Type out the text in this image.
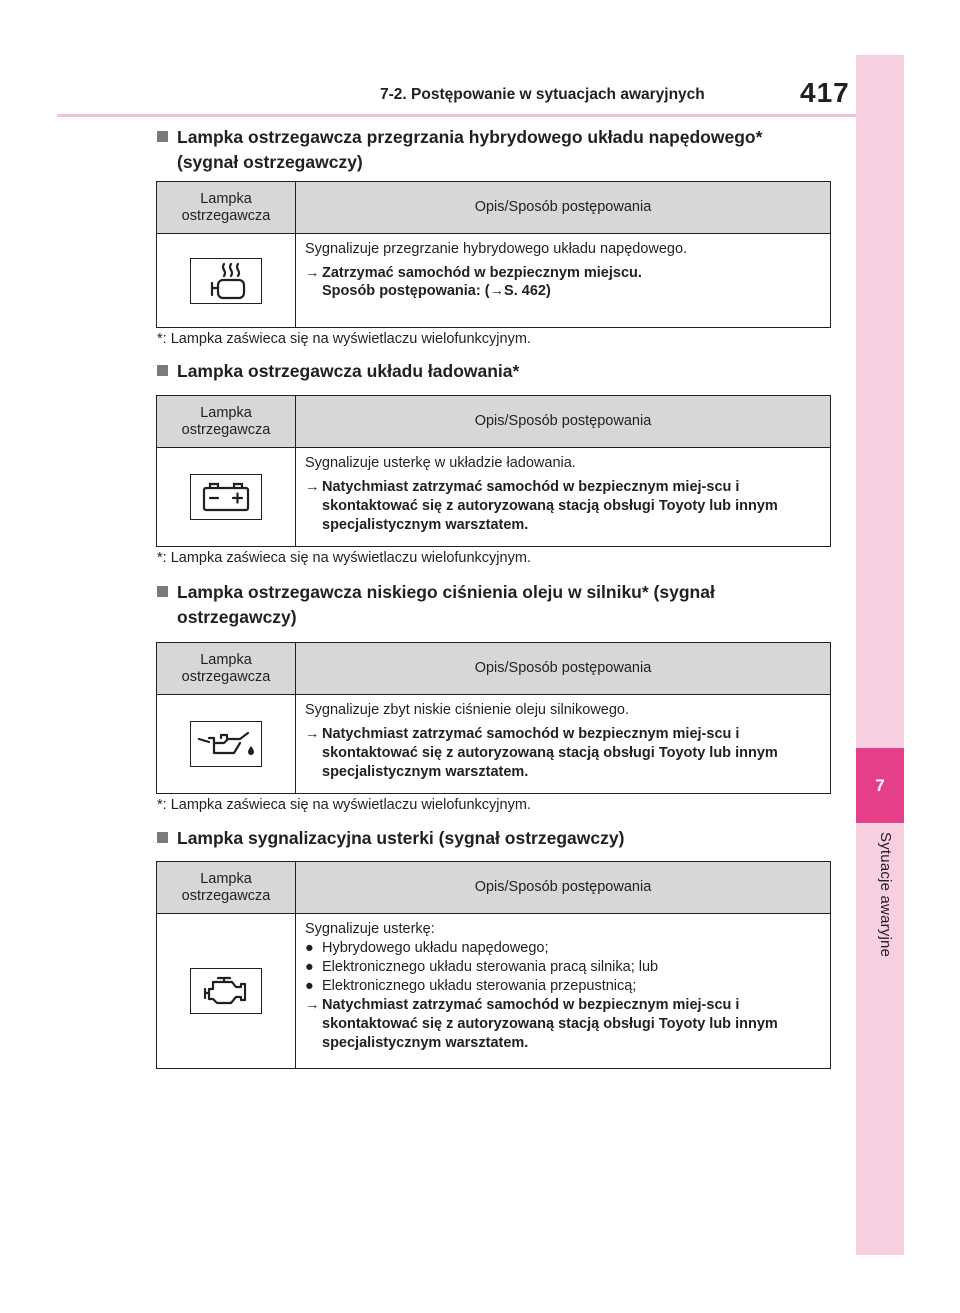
7
Sytuacje awaryjne
7-2. Postępowanie w sytuacjach awaryjnych	417
Lampka ostrzegawcza przegrzania hybrydowego układu napędowego*
(sygnał ostrzegawczy)
Lampka ostrzegawcza	Opis/Sposób postępowania

Sygnalizuje przegrzanie hybrydowego układu napędowego.
→ Zatrzymać samochód w bezpiecznym miejscu.
Sposób postępowania: (→S. 462)
*: Lampka zaświeca się na wyświetlaczu wielofunkcyjnym.
Lampka ostrzegawcza układu ładowania*
Lampka ostrzegawcza	Opis/Sposób postępowania

Sygnalizuje usterkę w układzie ładowania.
→ Natychmiast zatrzymać samochód w bezpiecznym miej-scu i skontaktować się z autoryzowaną stacją obsługi Toyoty lub innym specjalistycznym warsztatem.
*: Lampka zaświeca się na wyświetlaczu wielofunkcyjnym.
Lampka ostrzegawcza niskiego ciśnienia oleju w silniku* (sygnał
ostrzegawczy)
Lampka ostrzegawcza	Opis/Sposób postępowania

Sygnalizuje zbyt niskie ciśnienie oleju silnikowego.
→ Natychmiast zatrzymać samochód w bezpiecznym miej-scu i skontaktować się z autoryzowaną stacją obsługi Toyoty lub innym specjalistycznym warsztatem.
*: Lampka zaświeca się na wyświetlaczu wielofunkcyjnym.
Lampka sygnalizacyjna usterki (sygnał ostrzegawczy)
Lampka ostrzegawcza	Opis/Sposób postępowania

Sygnalizuje usterkę:
● Hybrydowego układu napędowego;
● Elektronicznego układu sterowania pracą silnika; lub
● Elektronicznego układu sterowania przepustnicą;
→ Natychmiast zatrzymać samochód w bezpiecznym miej-scu i skontaktować się z autoryzowaną stacją obsługi Toyoty lub innym specjalistycznym warsztatem.
